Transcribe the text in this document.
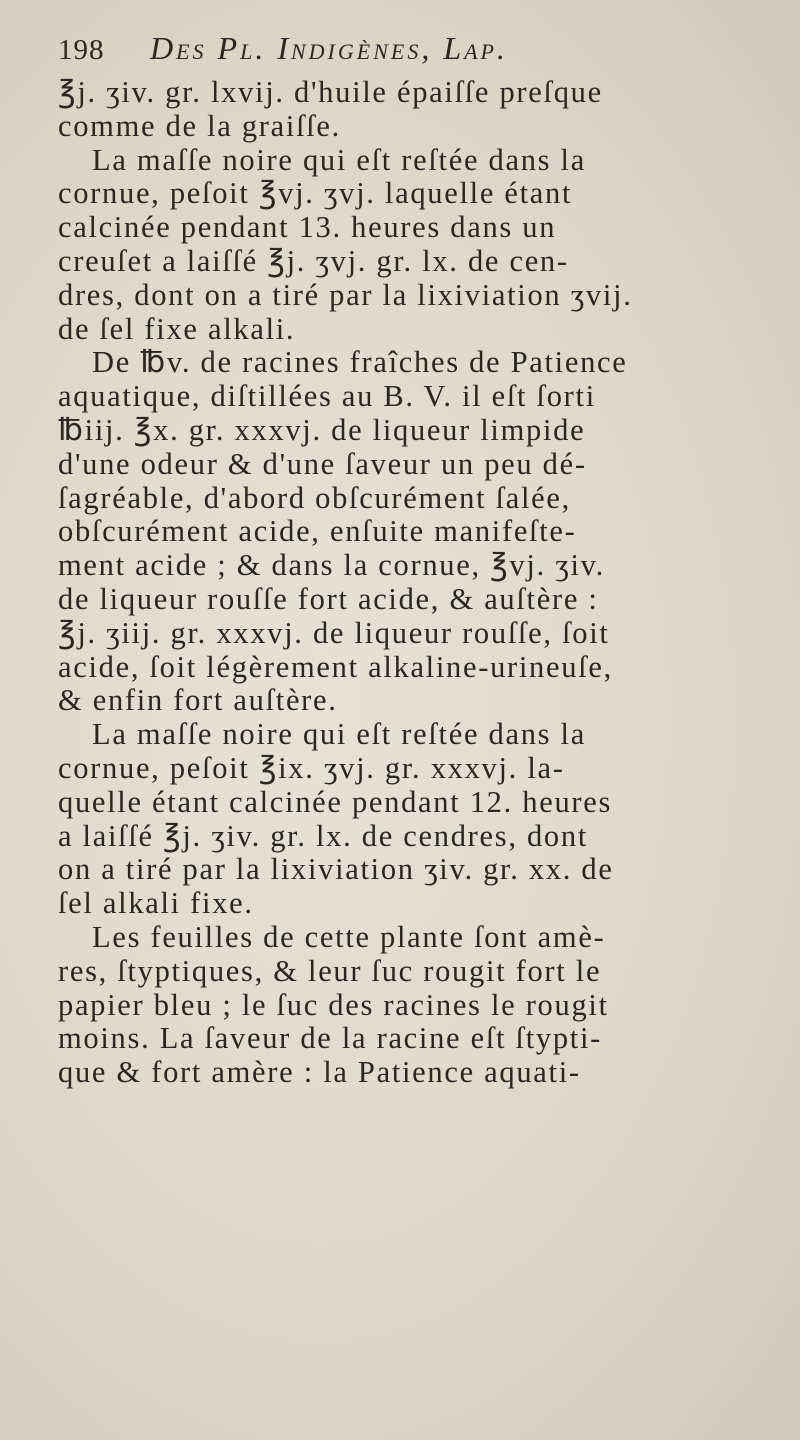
198	Des Pl. Indigènes, Lap.

℥j. ʒiv. gr. lxvij. d'huile épaiſſe preſque
comme de la graiſſe.

La maſſe noire qui eſt reſtée dans la
cornue, peſoit ℥vj. ʒvj. laquelle étant
calcinée pendant 13. heures dans un
creuſet a laiſſé ℥j. ʒvj. gr. lx. de cen-
dres, dont on a tiré par la lixiviation ʒvij.
de ſel fixe alkali.

De ℔v. de racines fraîches de Patience
aquatique, diſtillées au B. V. il eſt ſorti
℔iij. ℥x. gr. xxxvj. de liqueur limpide
d'une odeur & d'une ſaveur un peu dé-
ſagréable, d'abord obſcurément ſalée,
obſcurément acide, enſuite manifeſte-
ment acide ; & dans la cornue, ℥vj. ʒiv.
de liqueur rouſſe fort acide, & auſtère :
℥j. ʒiij. gr. xxxvj. de liqueur rouſſe, ſoit
acide, ſoit légèrement alkaline-urineuſe,
& enfin fort auſtère.

La maſſe noire qui eſt reſtée dans la
cornue, peſoit ℥ix. ʒvj. gr. xxxvj. la-
quelle étant calcinée pendant 12. heures
a laiſſé ℥j. ʒiv. gr. lx. de cendres, dont
on a tiré par la lixiviation ʒiv. gr. xx. de
ſel alkali fixe.

Les feuilles de cette plante ſont amè-
res, ſtyptiques, & leur ſuc rougit fort le
papier bleu ; le ſuc des racines le rougit
moins. La ſaveur de la racine eſt ſtypti-
que & fort amère : la Patience aquati-
